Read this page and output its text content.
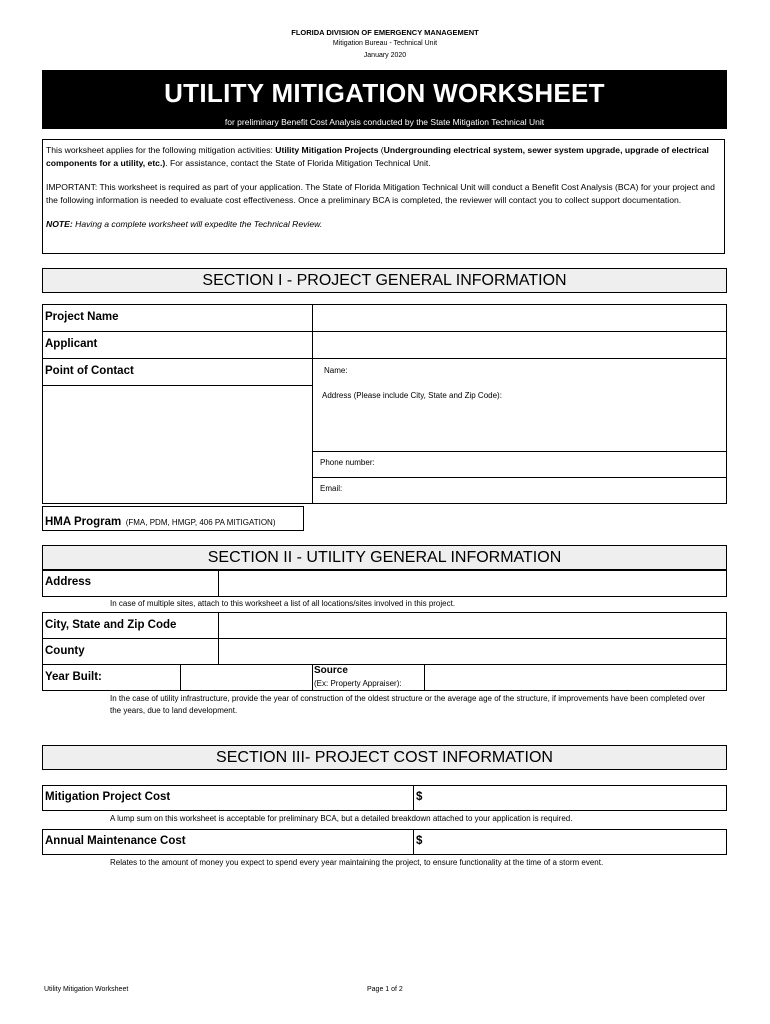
FLORIDA DIVISION OF EMERGENCY MANAGEMENT
Mitigation Bureau - Technical Unit
January 2020
UTILITY MITIGATION WORKSHEET
for preliminary Benefit Cost Analysis conducted by the State Mitigation Technical Unit

This worksheet applies for the following mitigation activities: Utility Mitigation Projects (Undergrounding electrical system, sewer system upgrade, upgrade of electrical components for a utility, etc.). For assistance, contact the State of Florida Mitigation Technical Unit.

IMPORTANT: This worksheet is required as part of your application. The State of Florida Mitigation Technical Unit will conduct a Benefit Cost Analysis (BCA) for your project and the following information is needed to evaluate cost effectiveness. Once a preliminary BCA is completed, the reviewer will contact you to collect support documentation.

NOTE: Having a complete worksheet will expedite the Technical Review.

SECTION I - PROJECT GENERAL INFORMATION
Project Name
Applicant
Point of Contact	Name:
Address (Please include City, State and Zip Code):
Phone number:
Email:
HMA Program (FMA, PDM, HMGP, 406 PA MITIGATION)
SECTION II - UTILITY GENERAL INFORMATION
Address
In case of multiple sites, attach to this worksheet a list of all locations/sites involved in this project.
City, State and Zip Code
County
Year Built:
Source
(Ex: Property Appraiser):
In the case of utility infrastructure, provide the year of construction of the oldest structure or the average age of the structure, if improvements have been completed over the years, due to land development.
SECTION III- PROJECT COST INFORMATION
Mitigation Project Cost	$
A lump sum on this worksheet is acceptable for preliminary BCA, but a detailed breakdown attached to your application is required.
Annual Maintenance Cost	$
Relates to the amount of money you expect to spend every year maintaining the project, to ensure functionality at the time of a storm event.
Utility Mitigation Worksheet	Page 1 of 2
